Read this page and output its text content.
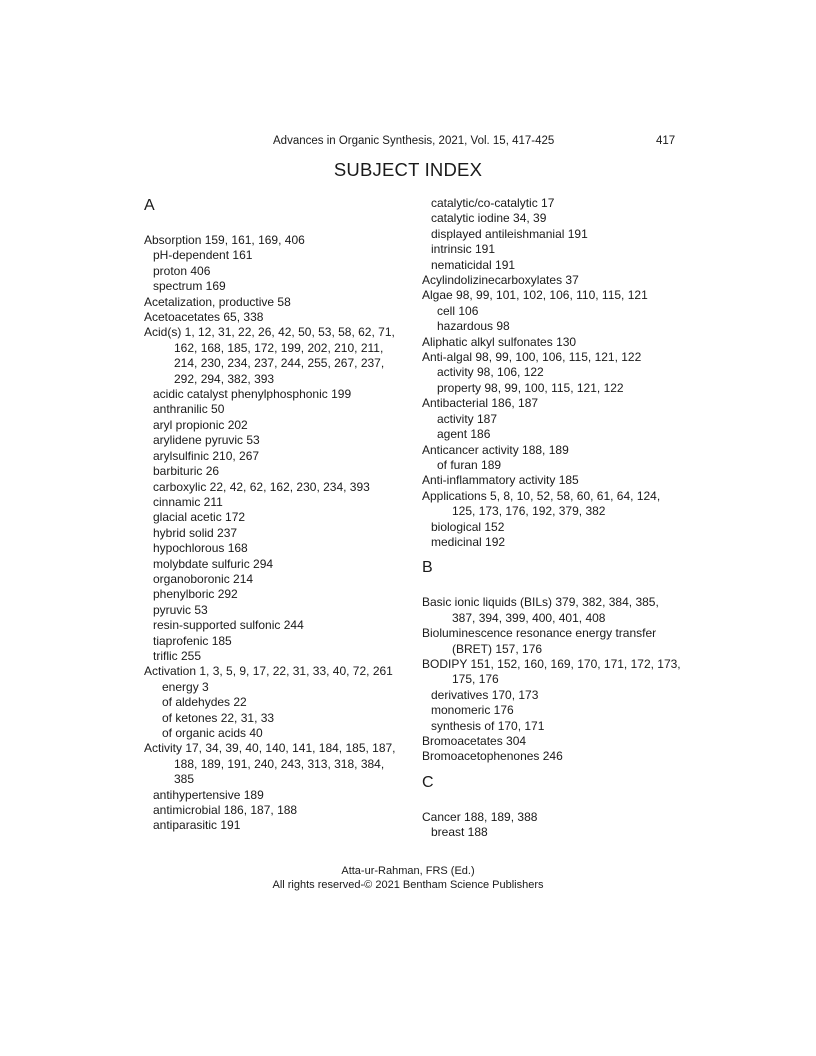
Advances in Organic Synthesis, 2021, Vol. 15, 417-425	417
SUBJECT INDEX
A
Absorption 159, 161, 169, 406
pH-dependent 161
proton 406
spectrum 169
Acetalization, productive 58
Acetoacetates 65, 338
Acid(s) 1, 12, 31, 22, 26, 42, 50, 53, 58, 62, 71, 162, 168, 185, 172, 199, 202, 210, 211, 214, 230, 234, 237, 244, 255, 267, 237, 292, 294, 382, 393
acidic catalyst phenylphosphonic 199
anthranilic 50
aryl propionic 202
arylidene pyruvic 53
arylsulfinic 210, 267
barbituric 26
carboxylic 22, 42, 62, 162, 230, 234, 393
cinnamic 211
glacial acetic 172
hybrid solid 237
hypochlorous 168
molybdate sulfuric 294
organoboronic 214
phenylboric 292
pyruvic 53
resin-supported sulfonic 244
tiaprofenic 185
triflic 255
Activation 1, 3, 5, 9, 17, 22, 31, 33, 40, 72, 261
energy 3
of aldehydes 22
of ketones 22, 31, 33
of organic acids 40
Activity 17, 34, 39, 40, 140, 141, 184, 185, 187, 188, 189, 191, 240, 243, 313, 318, 384, 385
antihypertensive 189
antimicrobial 186, 187, 188
antiparasitic 191
catalytic/co-catalytic 17
catalytic iodine 34, 39
displayed antileishmanial 191
intrinsic 191
nematicidal 191
Acylindolizinecarboxylates 37
Algae 98, 99, 101, 102, 106, 110, 115, 121
cell 106
hazardous 98
Aliphatic alkyl sulfonates 130
Anti-algal 98, 99, 100, 106, 115, 121, 122
activity 98, 106, 122
property 98, 99, 100, 115, 121, 122
Antibacterial 186, 187
activity 187
agent 186
Anticancer activity 188, 189
of furan 189
Anti-inflammatory activity 185
Applications 5, 8, 10, 52, 58, 60, 61, 64, 124, 125, 173, 176, 192, 379, 382
biological 152
medicinal 192
B
Basic ionic liquids (BILs) 379, 382, 384, 385, 387, 394, 399, 400, 401, 408
Bioluminescence resonance energy transfer (BRET) 157, 176
BODIPY 151, 152, 160, 169, 170, 171, 172, 173, 175, 176
derivatives 170, 173
monomeric 176
synthesis of 170, 171
Bromoacetates 304
Bromoacetophenones 246
C
Cancer 188, 189, 388
breast 188
Atta-ur-Rahman, FRS (Ed.)
All rights reserved-© 2021 Bentham Science Publishers
